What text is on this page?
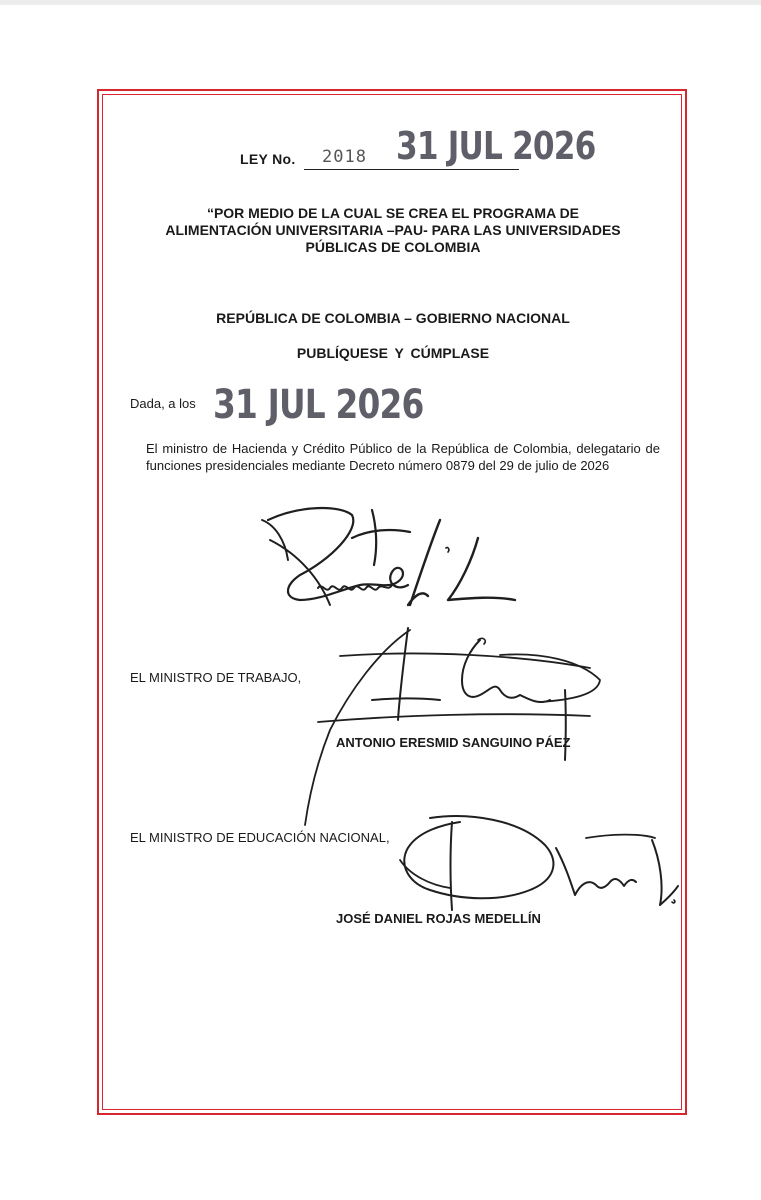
LEY No. 2018 31 JUL 2026
“POR MEDIO DE LA CUAL SE CREA EL PROGRAMA DE
ALIMENTACIÓN UNIVERSITARIA –PAU- PARA LAS UNIVERSIDADES
PÚBLICAS DE COLOMBIA
REPÚBLICA DE COLOMBIA – GOBIERNO NACIONAL
PUBLÍQUESE Y CÚMPLASE
Dada, a los 31 JUL 2026
El ministro de Hacienda y Crédito Público de la República de Colombia, delegatario de funciones presidenciales mediante Decreto número 0879 del 29 de julio de 2026
EL MINISTRO DE TRABAJO,
ANTONIO ERESMID SANGUINO PÁEZ
EL MINISTRO DE EDUCACIÓN NACIONAL,
JOSÉ DANIEL ROJAS MEDELLÍN
